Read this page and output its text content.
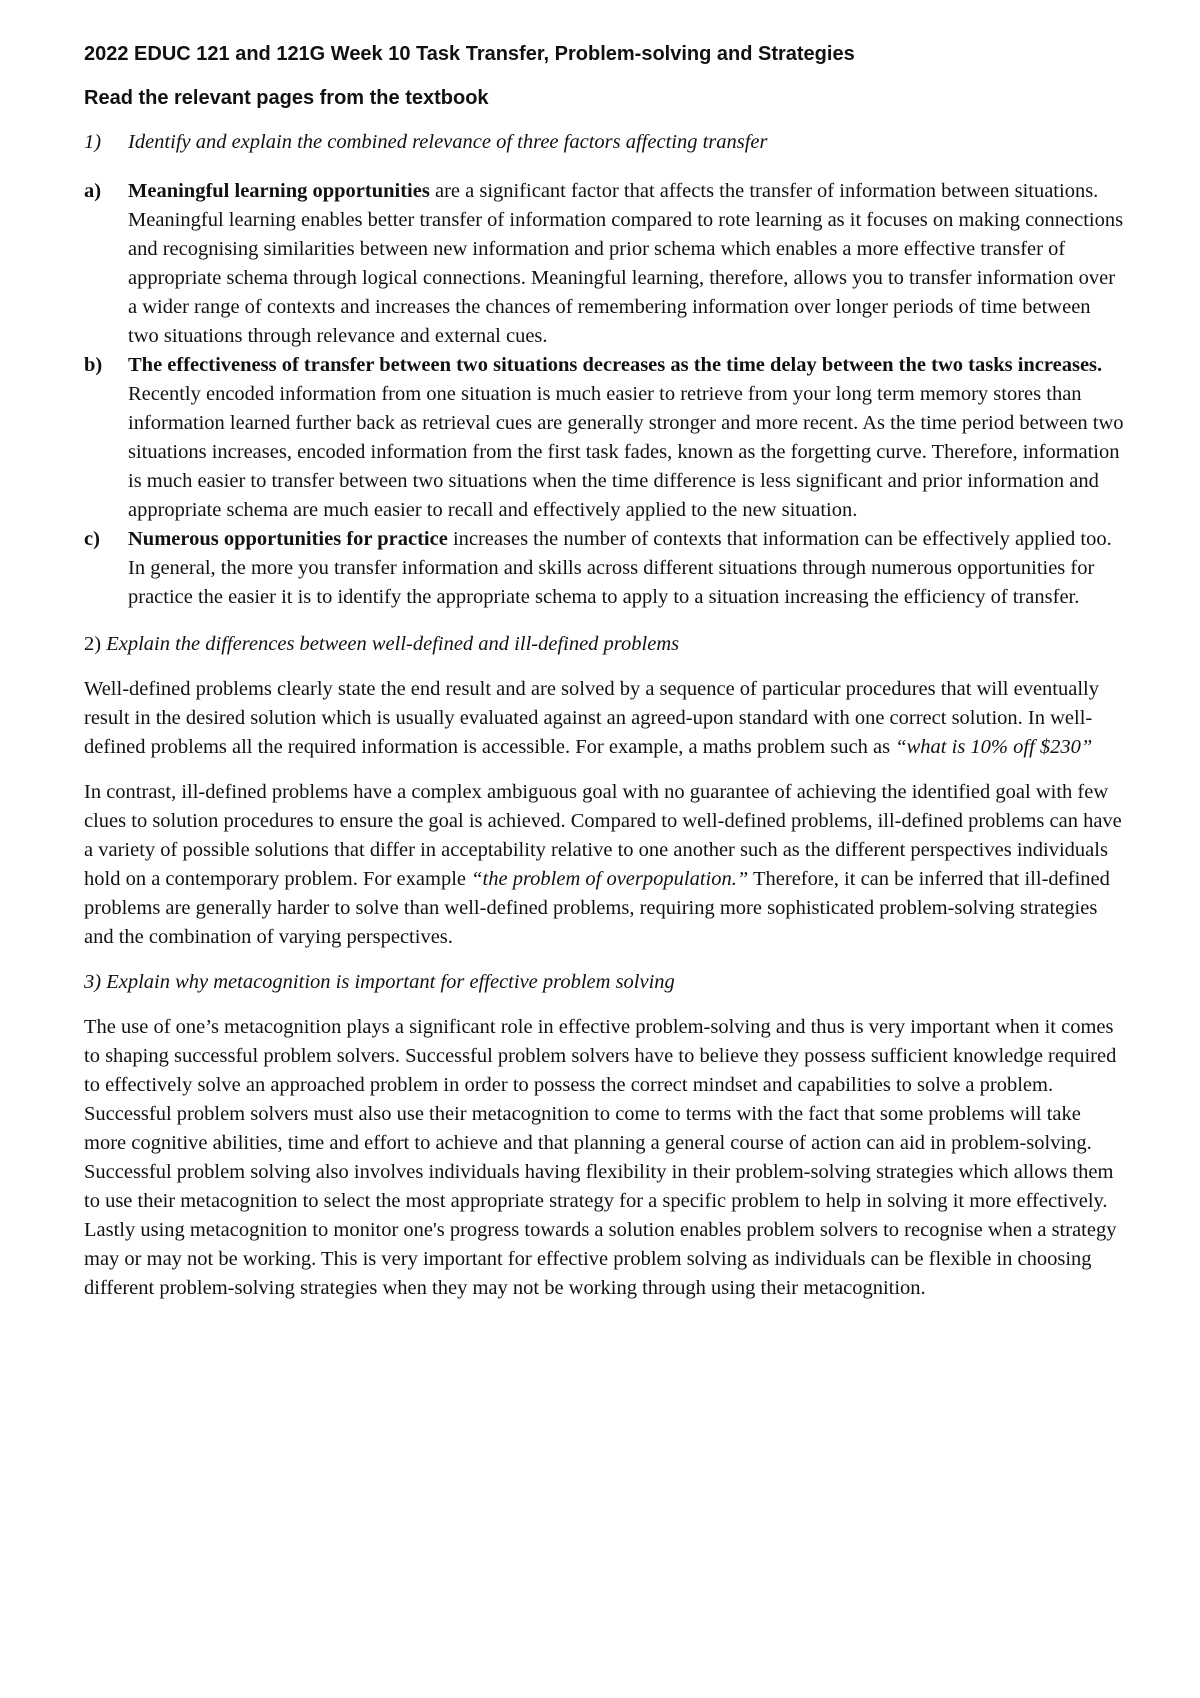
2022 EDUC 121 and 121G Week 10 Task Transfer, Problem-solving and Strategies
Read the relevant pages from the textbook
1) Identify and explain the combined relevance of three factors affecting transfer
a) Meaningful learning opportunities are a significant factor that affects the transfer of information between situations. Meaningful learning enables better transfer of information compared to rote learning as it focuses on making connections and recognising similarities between new information and prior schema which enables a more effective transfer of appropriate schema through logical connections. Meaningful learning, therefore, allows you to transfer information over a wider range of contexts and increases the chances of remembering information over longer periods of time between two situations through relevance and external cues.
b) The effectiveness of transfer between two situations decreases as the time delay between the two tasks increases. Recently encoded information from one situation is much easier to retrieve from your long term memory stores than information learned further back as retrieval cues are generally stronger and more recent. As the time period between two situations increases, encoded information from the first task fades, known as the forgetting curve. Therefore, information is much easier to transfer between two situations when the time difference is less significant and prior information and appropriate schema are much easier to recall and effectively applied to the new situation.
c) Numerous opportunities for practice increases the number of contexts that information can be effectively applied too. In general, the more you transfer information and skills across different situations through numerous opportunities for practice the easier it is to identify the appropriate schema to apply to a situation increasing the efficiency of transfer.
2) Explain the differences between well-defined and ill-defined problems

Well-defined problems clearly state the end result and are solved by a sequence of particular procedures that will eventually result in the desired solution which is usually evaluated against an agreed-upon standard with one correct solution. In well-defined problems all the required information is accessible. For example, a maths problem such as “what is 10% off $230”

In contrast, ill-defined problems have a complex ambiguous goal with no guarantee of achieving the identified goal with few clues to solution procedures to ensure the goal is achieved. Compared to well-defined problems, ill-defined problems can have a variety of possible solutions that differ in acceptability relative to one another such as the different perspectives individuals hold on a contemporary problem. For example “the problem of overpopulation.” Therefore, it can be inferred that ill-defined problems are generally harder to solve than well-defined problems, requiring more sophisticated problem-solving strategies and the combination of varying perspectives.

3) Explain why metacognition is important for effective problem solving

The use of one’s metacognition plays a significant role in effective problem-solving and thus is very important when it comes to shaping successful problem solvers. Successful problem solvers have to believe they possess sufficient knowledge required to effectively solve an approached problem in order to possess the correct mindset and capabilities to solve a problem. Successful problem solvers must also use their metacognition to come to terms with the fact that some problems will take more cognitive abilities, time and effort to achieve and that planning a general course of action can aid in problem-solving. Successful problem solving also involves individuals having flexibility in their problem-solving strategies which allows them to use their metacognition to select the most appropriate strategy for a specific problem to help in solving it more effectively. Lastly using metacognition to monitor one's progress towards a solution enables problem solvers to recognise when a strategy may or may not be working. This is very important for effective problem solving as individuals can be flexible in choosing different problem-solving strategies when they may not be working through using their metacognition.
